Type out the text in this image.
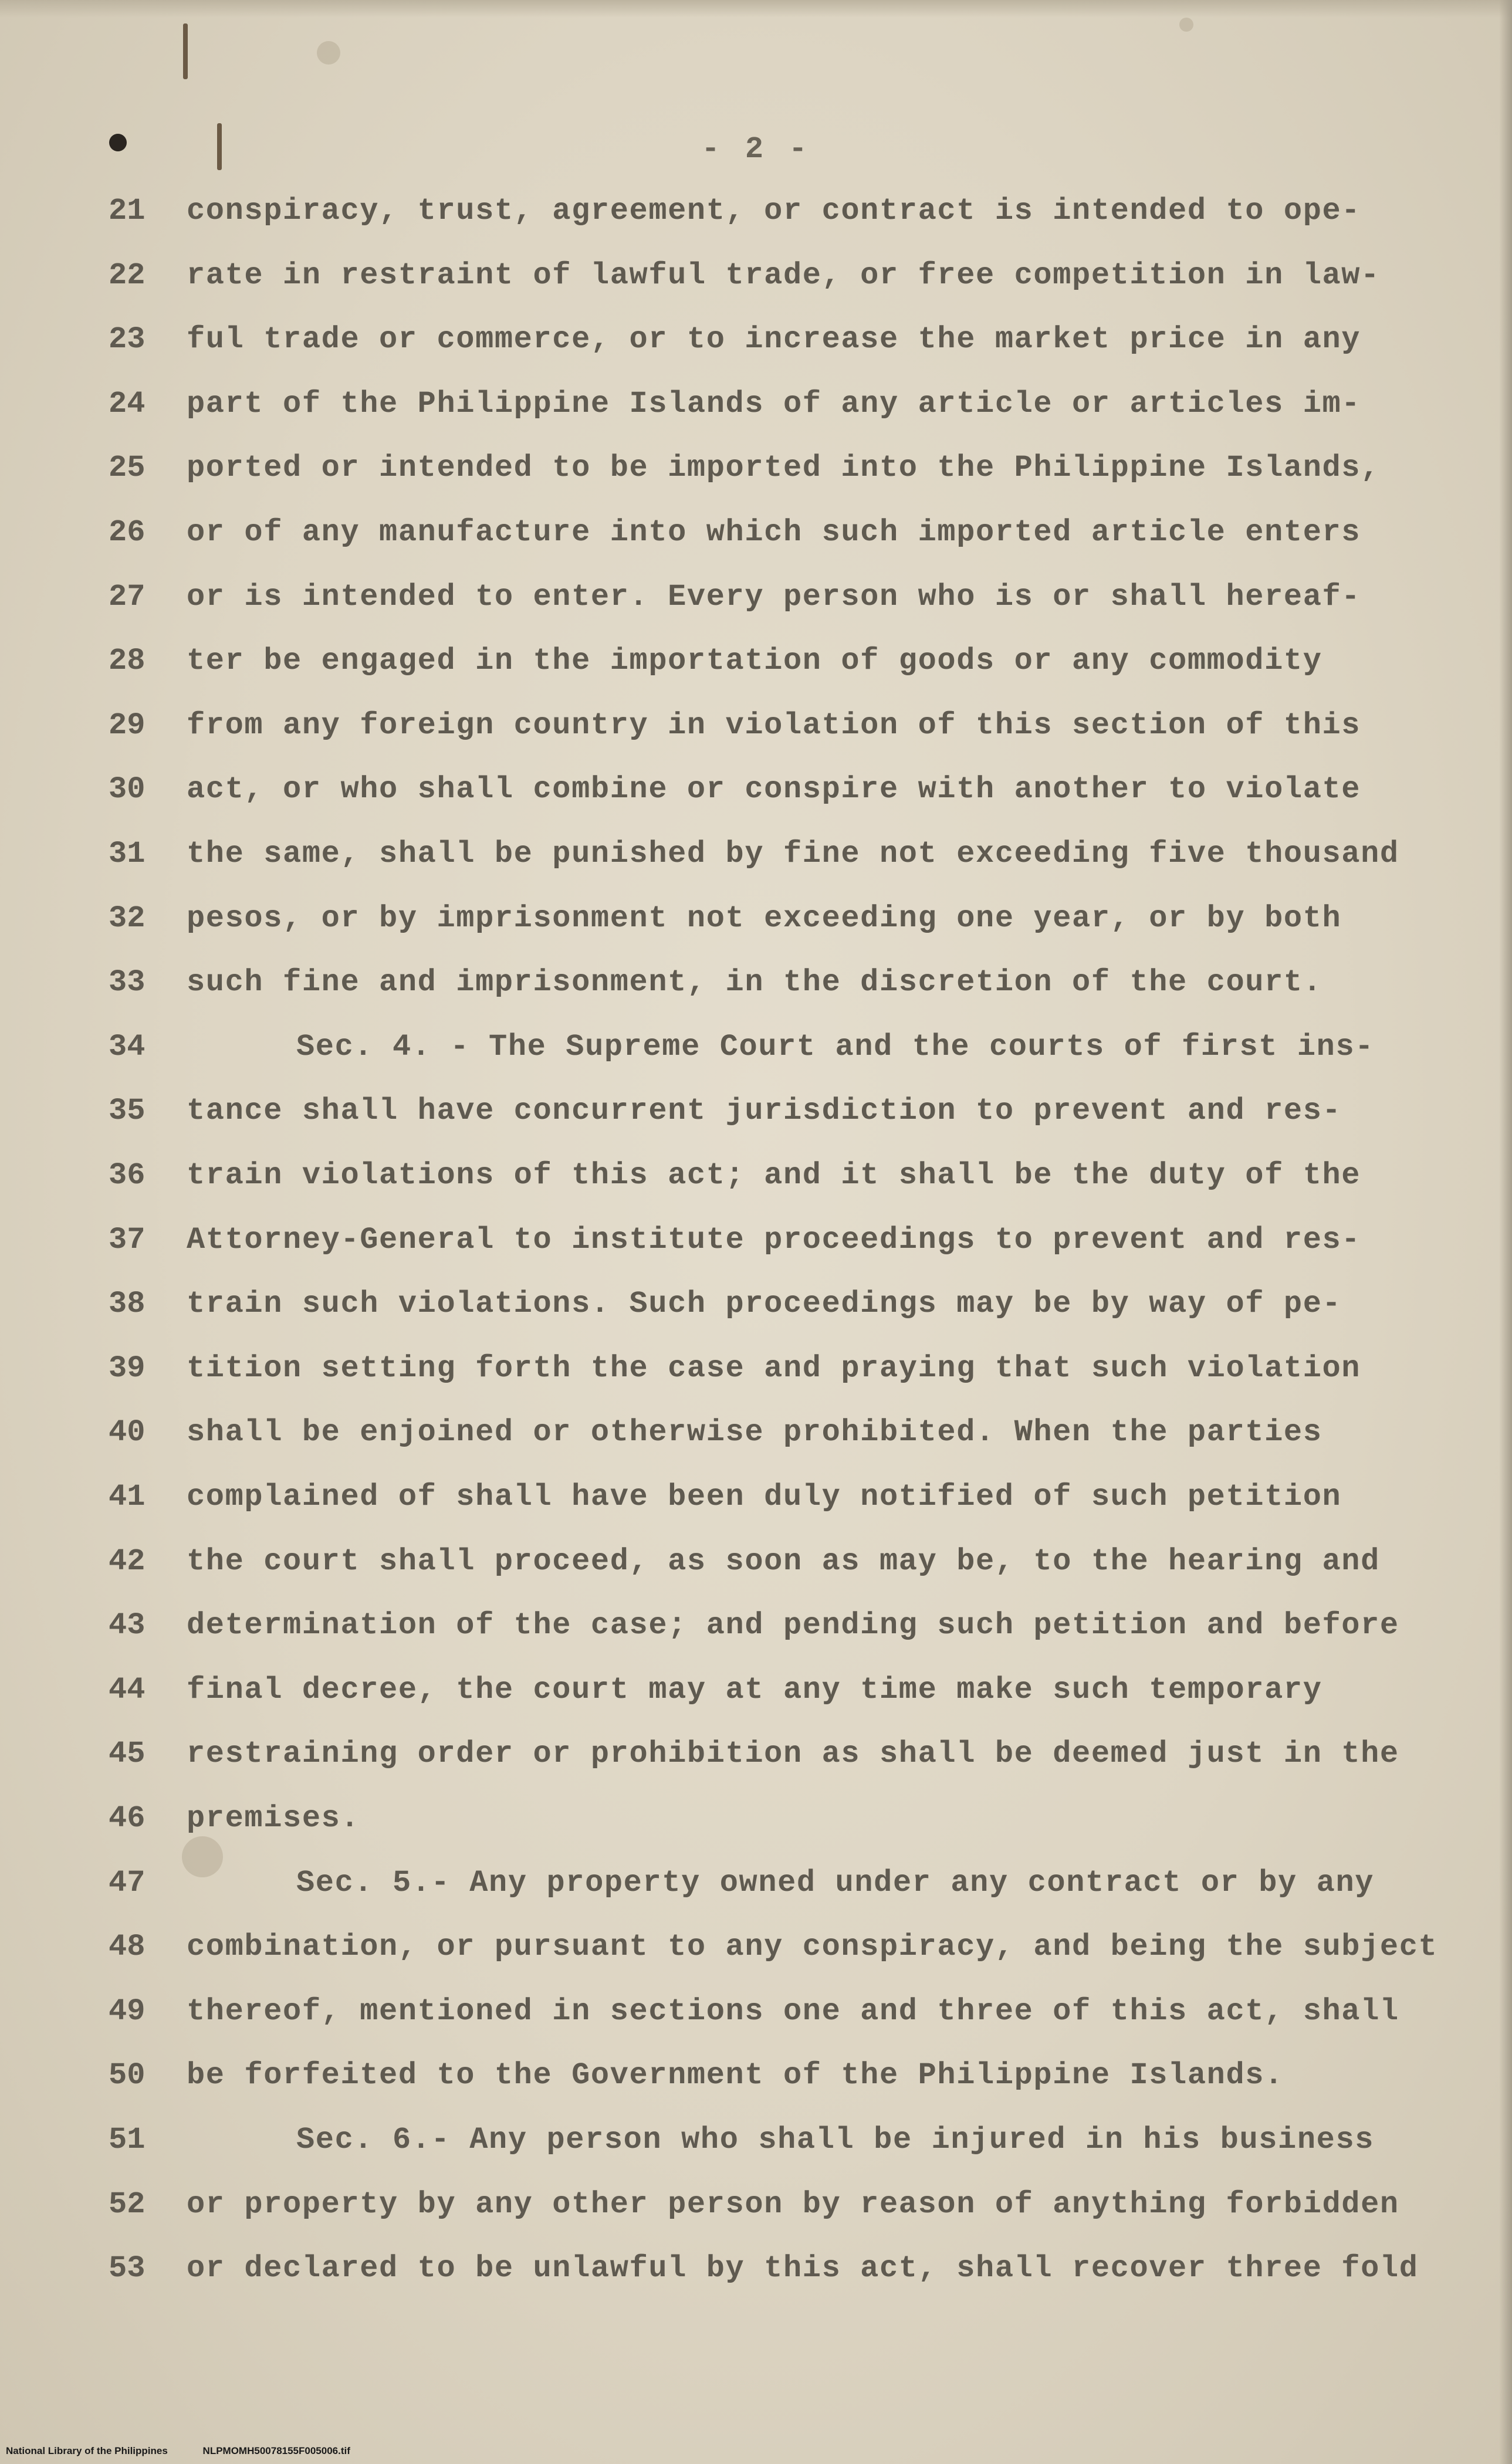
- 2 -
21	conspiracy, trust, agreement, or contract is intended to ope-
22	rate in restraint of lawful trade, or free competition in law-
23	ful trade or commerce, or to increase the market price in any
24	part of the Philippine Islands of any article or articles im-
25	ported or intended to be imported into the Philippine Islands,
26	or of any manufacture into which such imported article enters
27	or is intended to enter. Every person who is or shall hereaf-
28	ter be engaged in the importation of goods or any commodity
29	from any foreign country in violation of this section of this
30	act, or who shall combine or conspire with another to violate
31	the same, shall be punished by fine not exceeding five thousand
32	pesos, or by imprisonment not exceeding one year, or by both
33	such fine and imprisonment, in the discretion of the court.
34	Sec. 4. - The Supreme Court and the courts of first ins-
35	tance shall have concurrent jurisdiction to prevent and res-
36	train violations of this act; and it shall be the duty of the
37	Attorney-General to institute proceedings to prevent and res-
38	train such violations. Such proceedings may be by way of pe-
39	tition setting forth the case and praying that such violation
40	shall be enjoined or otherwise prohibited. When the parties
41	complained of shall have been duly notified of such petition
42	the court shall proceed, as soon as may be, to the hearing and
43	determination of the case; and pending such petition and before
44	final decree, the court may at any time make such temporary
45	restraining order or prohibition as shall be deemed just in the
46	premises.
47	Sec. 5.- Any property owned under any contract or by any
48	combination, or pursuant to any conspiracy, and being the subject
49	thereof, mentioned in sections one and three of this act, shall
50	be forfeited to the Government of the Philippine Islands.
51	Sec. 6.- Any person who shall be injured in his business
52	or property by any other person by reason of anything forbidden
53	or declared to be unlawful by this act, shall recover three fold
National Library of the Philippines	NLPMOMH50078155F005006.tif
